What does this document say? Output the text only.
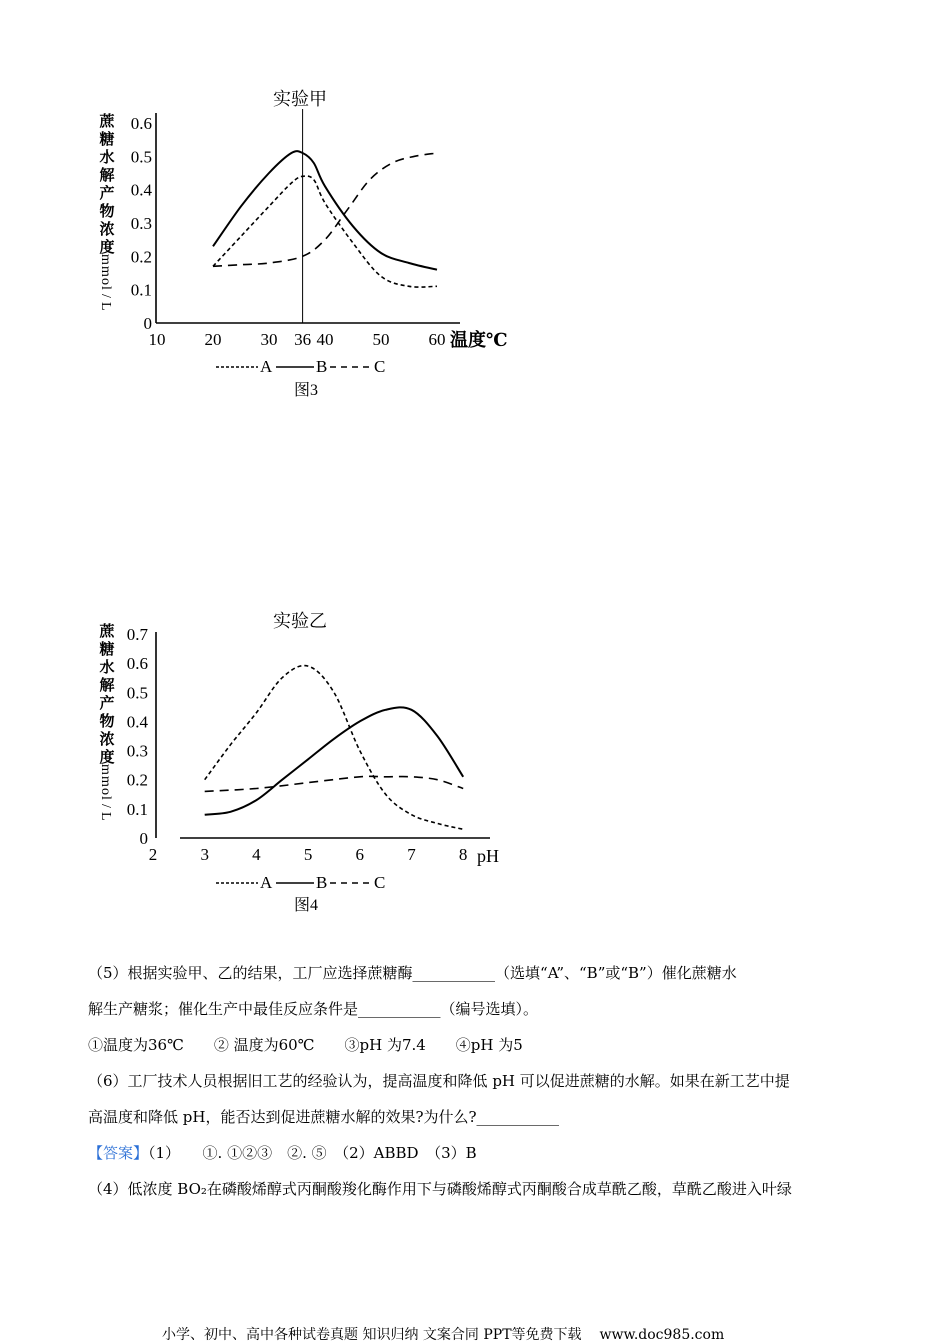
实验甲
蔗
糖
水
解
产
物
浓
度
m
m
o
l
/
L
0
0.1
0.2
0.3
0.4
0.5
0.6
10 20 30 36 40 50 60 温度℃
A	B	C
图3
实验乙
蔗
糖
水
解
产
物
浓
度
m
m
o
l
/
L
0
0.1
0.2
0.3
0.4
0.5
0.6
0.7
2	3	4	5	6	7	8 pH
A	B	C
图4
（5）根据实验甲、乙的结果，工厂应选择蔗糖酶___________（选填“A”、“B”或“B”）催化蔗糖水
解生产糖浆；催化生产中最佳反应条件是___________（编号选填）。
①温度为36℃　　② 温度为60℃　　③pH 为7.4　　④pH 为5
（6）工厂技术人员根据旧工艺的经验认为，提高温度和降低 pH 可以促进蔗糖的水解。如果在新工艺中提
高温度和降低 pH，能否达到促进蔗糖水解的效果?为什么?___________
【答案】（1）　　①. ①②③　②. ⑤　（2）ABBD　（3）B
（4）低浓度 BO₂在磷酸烯醇式丙酮酸羧化酶作用下与磷酸烯醇式丙酮酸合成草酰乙酸，草酰乙酸进入叶绿
小学、初中、高中各种试卷真题 知识归纳 文案合同 PPT等免费下载 www.doc985.com
